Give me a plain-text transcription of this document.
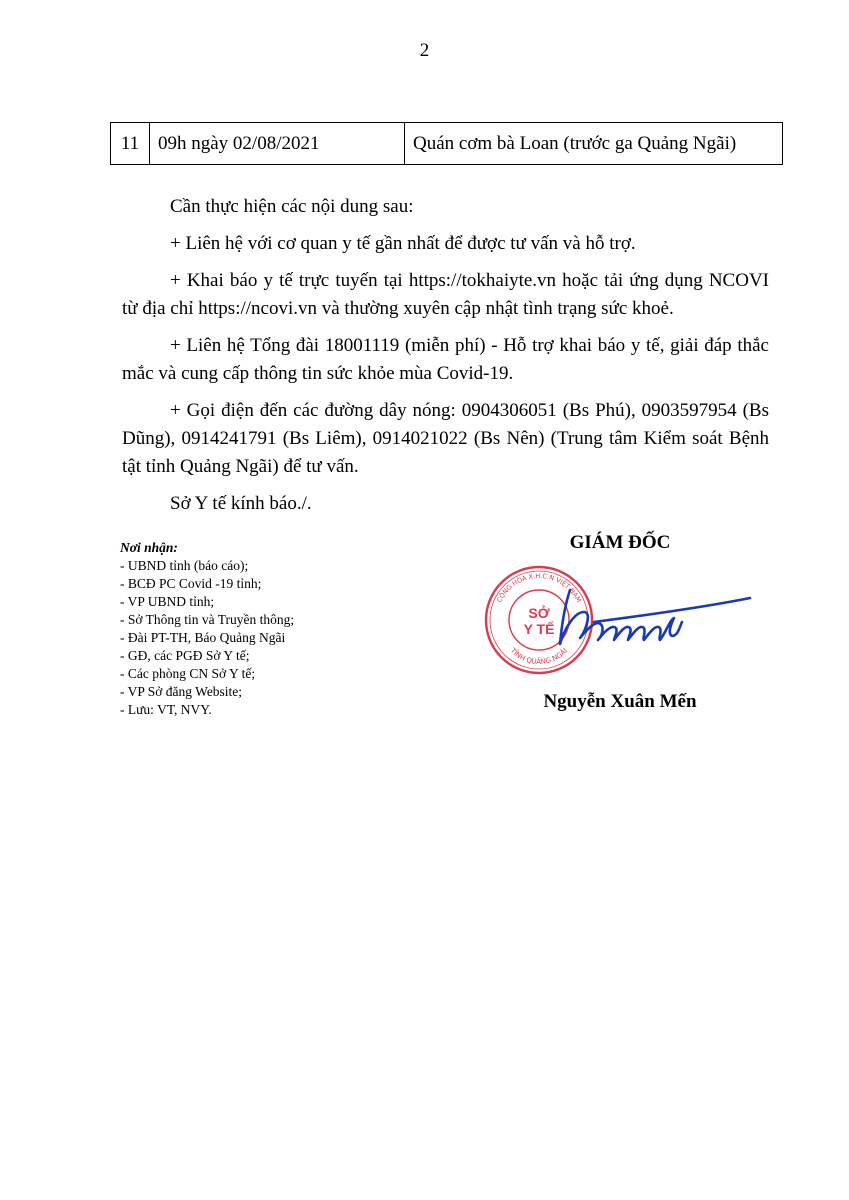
2
11	09h ngày 02/08/2021	Quán cơm bà Loan (trước ga Quảng Ngãi)

Cần thực hiện các nội dung sau:

+ Liên hệ với cơ quan y tế gần nhất để được tư vấn và hỗ trợ.

+ Khai báo y tế trực tuyến tại https://tokhaiyte.vn hoặc tải ứng dụng NCOVI từ địa chỉ https://ncovi.vn và thường xuyên cập nhật tình trạng sức khoẻ.

+ Liên hệ Tổng đài 18001119 (miễn phí) - Hỗ trợ khai báo y tế, giải đáp thắc mắc và cung cấp thông tin sức khỏe mùa Covid-19.

+ Gọi điện đến các đường dây nóng: 0904306051 (Bs Phú), 0903597954 (Bs Dũng), 0914241791 (Bs Liêm), 0914021022 (Bs Nên) (Trung tâm Kiểm soát Bệnh tật tỉnh Quảng Ngãi) để tư vấn.

Sở Y tế kính báo./.

Nơi nhận:
- UBND tỉnh (báo cáo);
- BCĐ PC Covid -19 tỉnh;
- VP UBND tỉnh;
- Sở Thông tin và Truyền thông;
- Đài PT-TH, Báo Quảng Ngãi
- GĐ, các PGĐ Sở Y tế;
- Các phòng CN Sở Y tế;
- VP Sở đăng Website;
- Lưu: VT, NVY.
GIÁM ĐỐC
CỘNG HÒA X.H.C.N VIỆT NAM
TỈNH QUẢNG NGÃI
SỞ
Y TẾ
Nguyễn Xuân Mến
